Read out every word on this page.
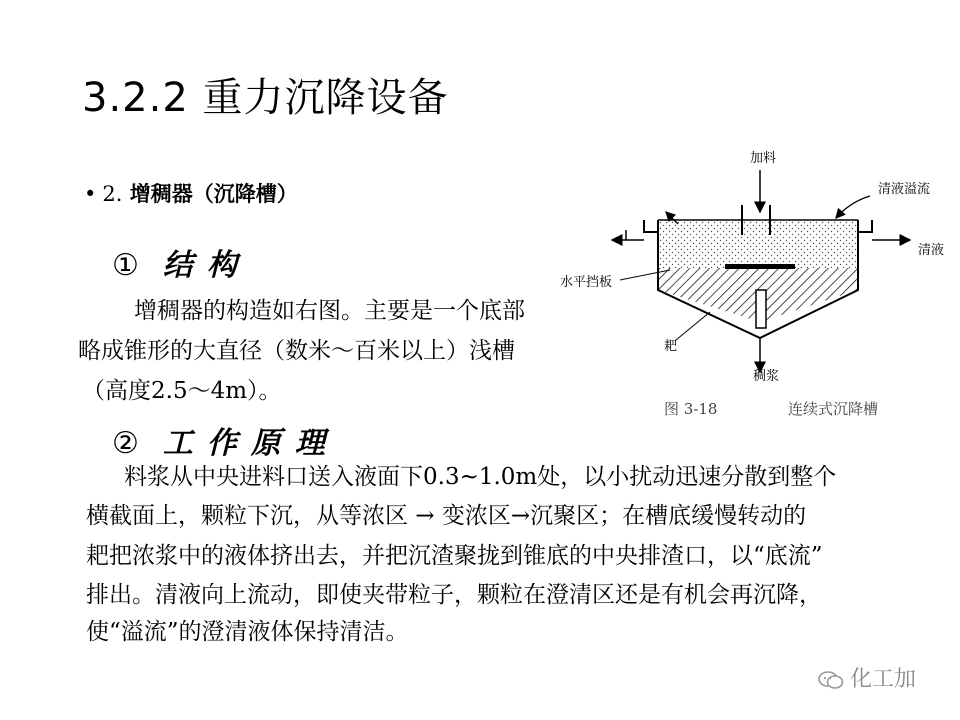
3.2.2 重力沉降设备
• 2. 增稠器（沉降槽）
① 结构
增稠器的构造如右图。主要是一个底部
略成锥形的大直径（数米～百米以上）浅槽
（高度2.5～4m）。
② 工作原理
料浆从中央进料口送入液面下0.3~1.0m处，以小扰动迅速分散到整个
横截面上，颗粒下沉，从等浓区 → 变浓区→沉聚区；在槽底缓慢转动的
耙把浓浆中的液体挤出去，并把沉渣聚拢到锥底的中央排渣口，以“底流”
排出。清液向上流动，即使夹带粒子，颗粒在澄清区还是有机会再沉降，
使“溢流”的澄清液体保持清洁。
加料
清液溢流
清液
水平挡板
耙
稠浆
图 3-18	连续式沉降槽
化工加
